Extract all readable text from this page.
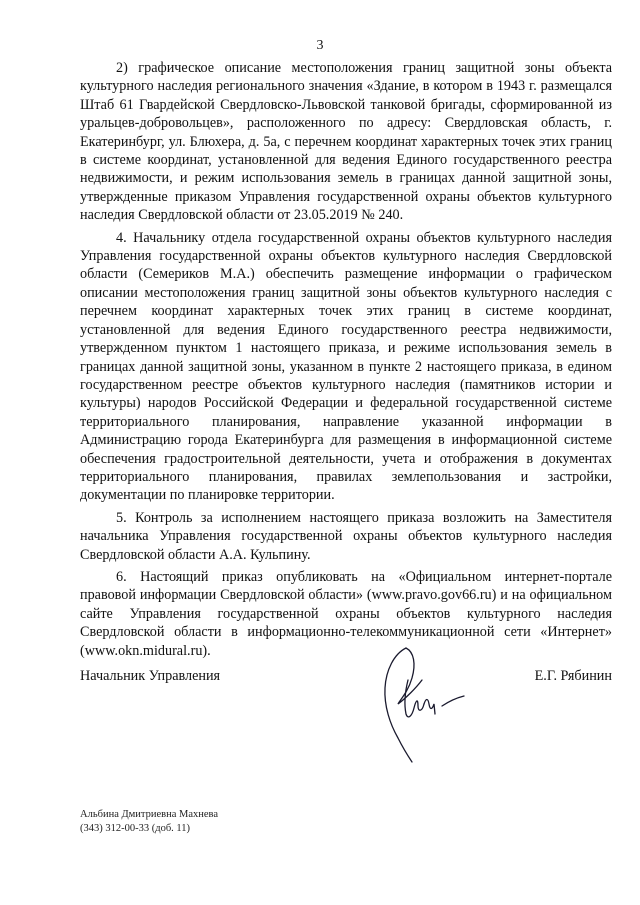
3

2) графическое описание местоположения границ защитной зоны объекта культурного наследия регионального значения «Здание, в котором в 1943 г. размещался Штаб 61 Гвардейской Свердловско-Львовской танковой бригады, сформированной из уральцев-добровольцев», расположенного по адресу: Свердловская область, г. Екатеринбург, ул. Блюхера, д. 5а, с перечнем координат характерных точек этих границ в системе координат, установленной для ведения Единого государственного реестра недвижимости, и режим использования земель в границах данной защитной зоны, утвержденные приказом Управления государственной охраны объектов культурного наследия Свердловской области от 23.05.2019 № 240.

4. Начальнику отдела государственной охраны объектов культурного наследия Управления государственной охраны объектов культурного наследия Свердловской области (Семериков М.А.) обеспечить размещение информации о графическом описании местоположения границ защитной зоны объектов культурного наследия с перечнем координат характерных точек этих границ в системе координат, установленной для ведения Единого государственного реестра недвижимости, утвержденном пунктом 1 настоящего приказа, и режиме использования земель в границах данной защитной зоны, указанном в пункте 2 настоящего приказа, в едином государственном реестре объектов культурного наследия (памятников истории и культуры) народов Российской Федерации и федеральной государственной системе территориального планирования, направление указанной информации в Администрацию города Екатеринбурга для размещения в информационной системе обеспечения градостроительной деятельности, учета и отображения в документах территориального планирования, правилах землепользования и застройки, документации по планировке территории.

5. Контроль за исполнением настоящего приказа возложить на Заместителя начальника Управления государственной охраны объектов культурного наследия Свердловской области А.А. Кульпину.

6. Настоящий приказ опубликовать на «Официальном интернет-портале правовой информации Свердловской области» (www.pravo.gov66.ru) и на официальном сайте Управления государственной охраны объектов культурного наследия Свердловской области в информационно-телекоммуникационной сети «Интернет» (www.okn.midural.ru).

Начальник Управления	Е.Г. Рябинин
Альбина Дмитриевна Махнева
(343) 312-00-33 (доб. 11)
